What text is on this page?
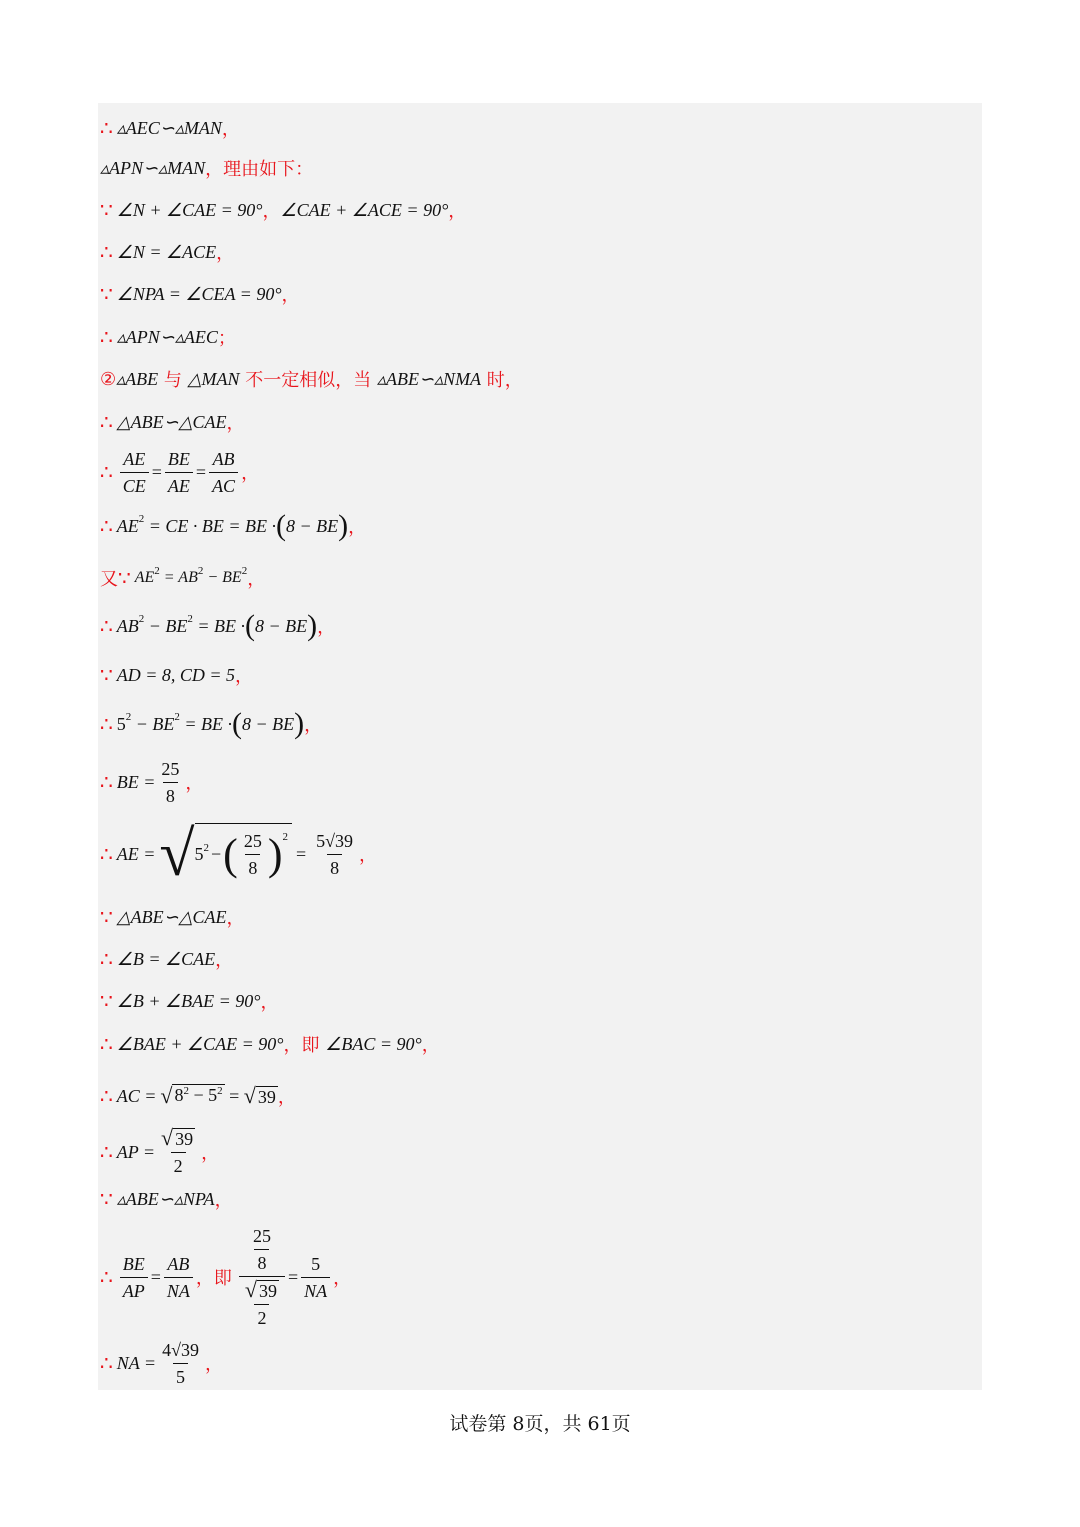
∴ ▵AEC∽▵MAN ，
▵APN∽▵MAN ，理由如下：
∵ ∠N + ∠CAE = 90° ， ∠CAE + ∠ACE = 90° ，
∴ ∠N = ∠ACE ，
∵ ∠NPA = ∠CEA = 90° ，
∴ ▵APN∽▵AEC ；
② ▵ABE 与 △MAN 不一定相似，当 ▵ABE∽▵NMA 时，
∴ △ABE∽△CAE ，
∴ $\frac{AE}{CE} = \frac{BE}{AE} = \frac{AB}{AC}$ ，
∴ AE 2 = CE · BE = BE · ( 8 − BE ) ，
又 ∵ AE 2 = AB 2 − BE 2 ，
∴ AB 2 − BE 2 = BE · ( 8 − BE ) ，
∵ AD = 8, CD = 5 ，
∴ 5 2 − BE 2 = BE · ( 8 − BE ) ，
∴ BE = $\frac{25}{8}$ ，
∴ AE = √ 5 2 − ( $\frac{25}{8}$ ) 2
= $\frac{5√39}{8}$ ，
∵ △ABE∽△CAE ，
∴ ∠B = ∠CAE ，
∵ ∠B + ∠BAE = 90° ，
∴ ∠BAE + ∠CAE = 90° ，即 ∠BAC = 90° ，
∴ AC = √ $8^2 - 5^2$ = √ 39 ，
∴ AP = $\frac{√ 39}{2}$ ，
∵ ▵ABE∽▵NPA ，
∴ $\frac{BE}{AP} = \frac{AB}{NA}$ ，即 $\frac{\frac{25}{8}}{\frac{√ 39}{2}} = \frac{5}{NA}$ ，
∴ NA = $\frac{4√39}{5}$ ，
试卷第 8页，共 61页
